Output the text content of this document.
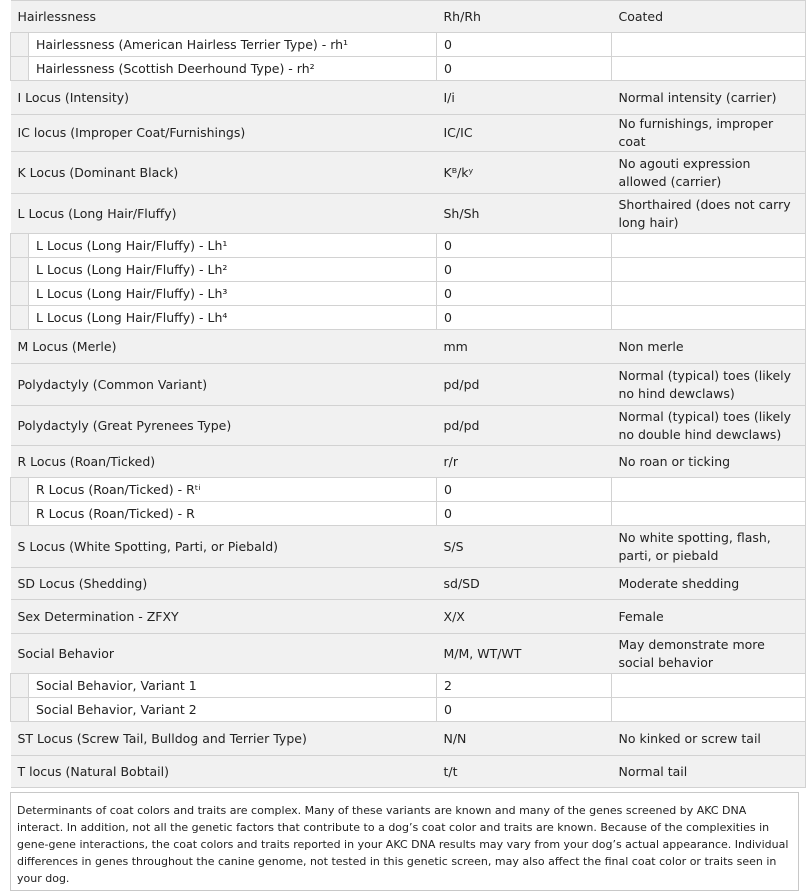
Hairlessness		Rh/Rh	Coated
	Hairlessness (American Hairless Terrier Type) - rh¹	0	
	Hairlessness (Scottish Deerhound Type) - rh²	0	
I Locus (Intensity)		I/i	Normal intensity (carrier)
IC locus (Improper Coat/Furnishings)		IC/IC	No furnishings, improper coat
K Locus (Dominant Black)		Kᴮ/kʸ	No agouti expression allowed (carrier)
L Locus (Long Hair/Fluffy)		Sh/Sh	Shorthaired (does not carry long hair)
	L Locus (Long Hair/Fluffy) - Lh¹	0	
	L Locus (Long Hair/Fluffy) - Lh²	0	
	L Locus (Long Hair/Fluffy) - Lh³	0	
	L Locus (Long Hair/Fluffy) - Lh⁴	0	
M Locus (Merle)		mm	Non merle
Polydactyly (Common Variant)		pd/pd	Normal (typical) toes (likely no hind dewclaws)
Polydactyly (Great Pyrenees Type)		pd/pd	Normal (typical) toes (likely no double hind dewclaws)
R Locus (Roan/Ticked)		r/r	No roan or ticking
	R Locus (Roan/Ticked) - Rᵗⁱ	0	
	R Locus (Roan/Ticked) - R	0	
S Locus (White Spotting, Parti, or Piebald)		S/S	No white spotting, flash, parti, or piebald
SD Locus (Shedding)		sd/SD	Moderate shedding
Sex Determination - ZFXY		X/X	Female
Social Behavior		M/M, WT/WT	May demonstrate more social behavior
	Social Behavior, Variant 1	2	
	Social Behavior, Variant 2	0	
ST Locus (Screw Tail, Bulldog and Terrier Type)		N/N	No kinked or screw tail
T locus (Natural Bobtail)		t/t	Normal tail

Determinants of coat colors and traits are complex. Many of these variants are known and many of the genes screened by AKC DNA interact. In addition, not all the genetic factors that contribute to a dog’s coat color and traits are known. Because of the complexities in gene-gene interactions, the coat colors and traits reported in your AKC DNA results may vary from your dog’s actual appearance. Individual differences in genes throughout the canine genome, not tested in this genetic screen, may also affect the final coat color or traits seen in your dog.
